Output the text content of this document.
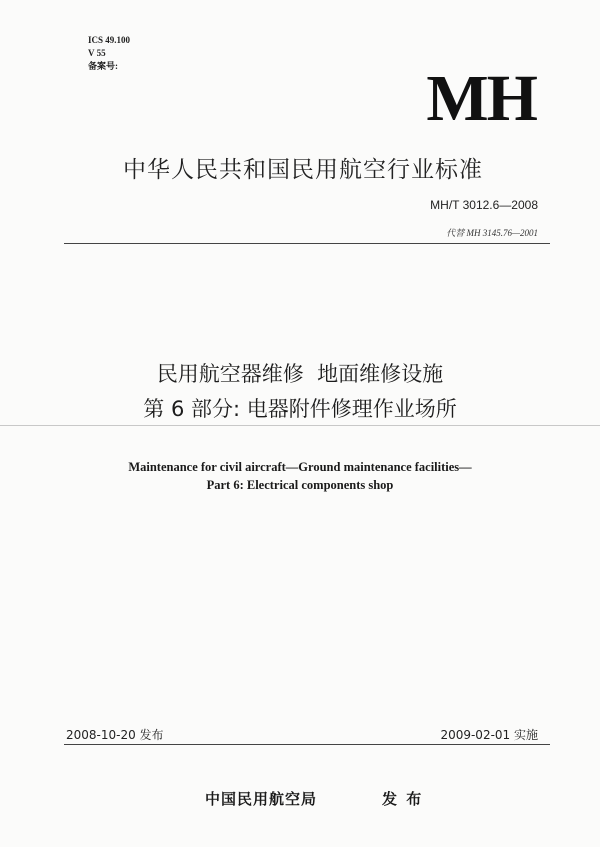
ICS 49.100
V 55
备案号:	MH
中华人民共和国民用航空行业标准
MH/T 3012.6—2008
代替 MH 3145.76—2001
民用航空器维修  地面维修设施
第 6 部分: 电器附件修理作业场所
Maintenance for civil aircraft—Ground maintenance facilities—
Part 6: Electrical components shop
2008-10-20 发布	2009-02-01 实施
中国民用航空局	发 布
